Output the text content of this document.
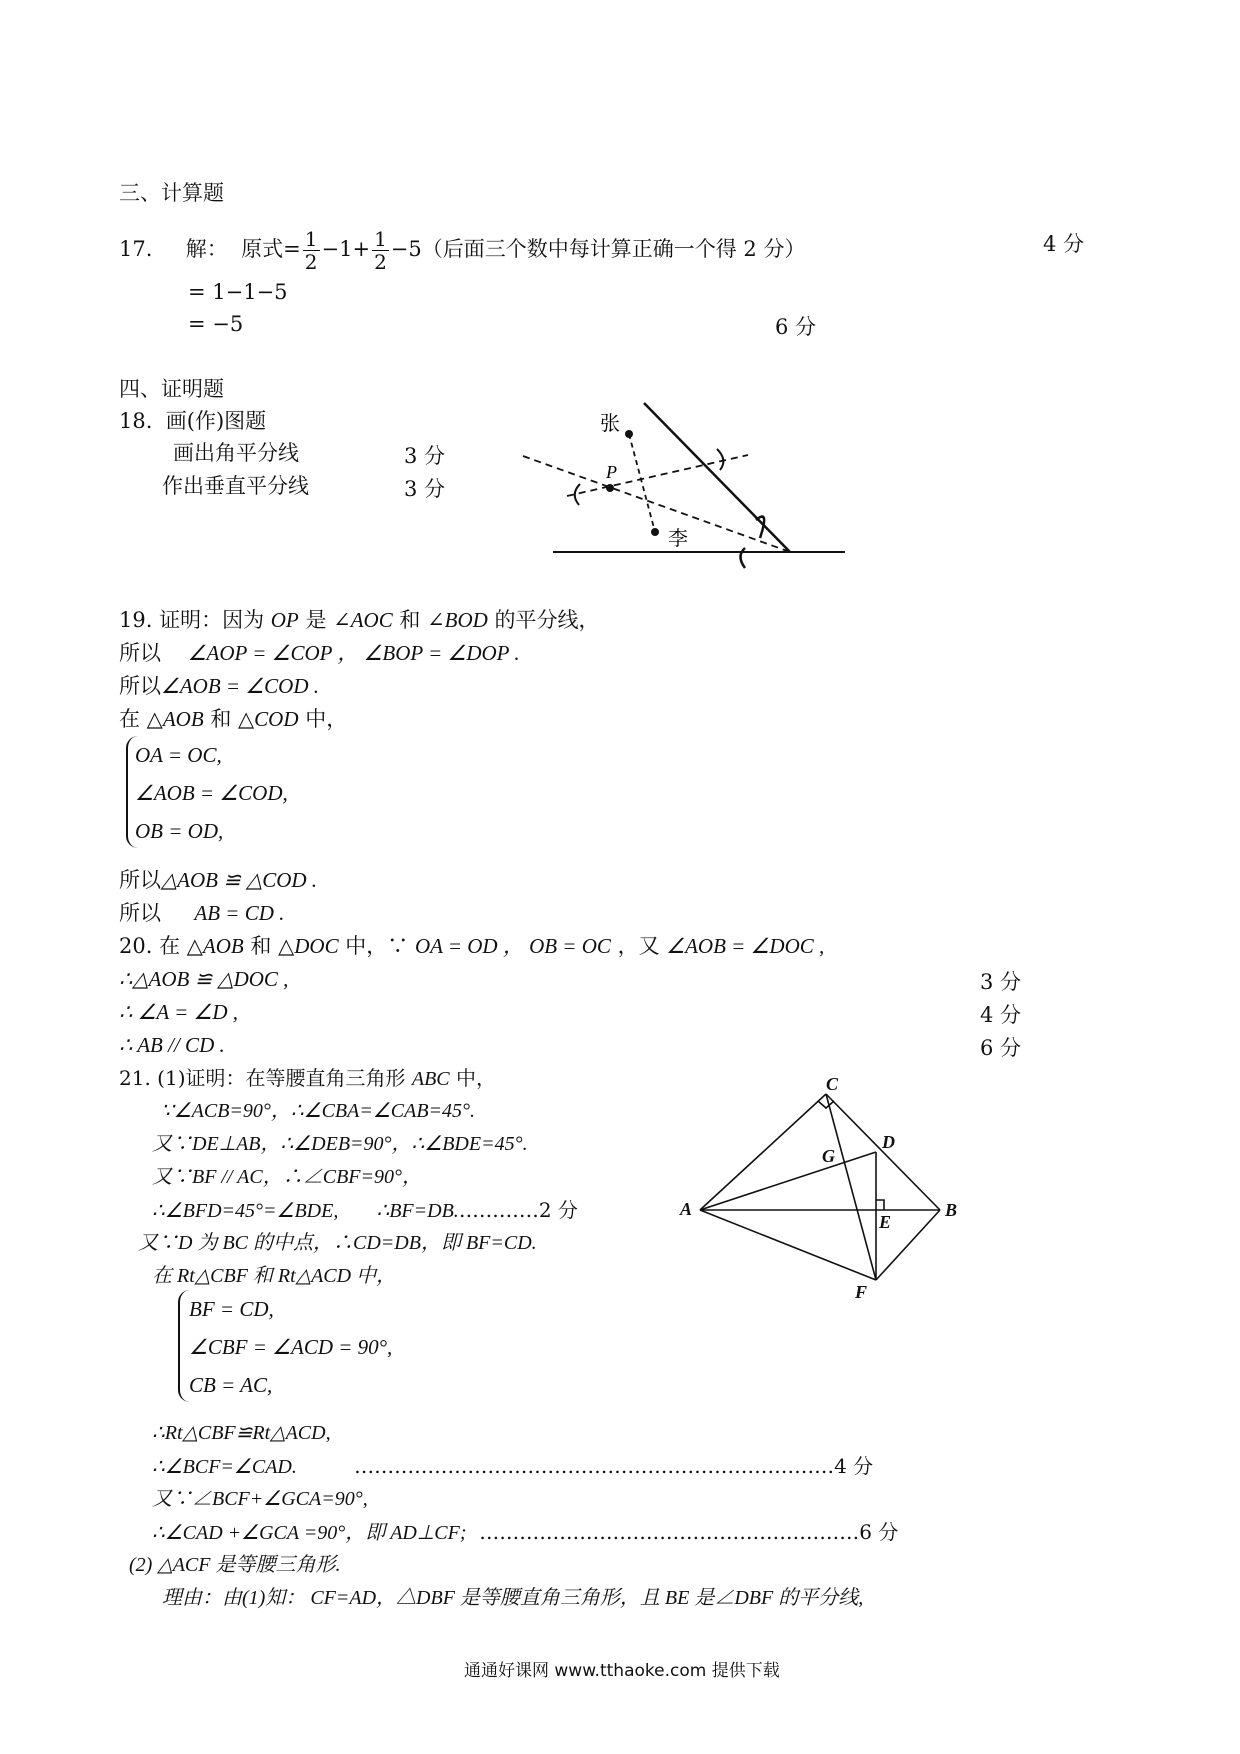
三、计算题
17. 解： 原式= $\frac{1}{2} -1+ \frac{1}{2} -5$（后面三个数中每计算正确一个得 2 分）	4 分
= 1−1−5
= −5	6 分
四、证明题
18. 画(作)图题
画出角平分线	3 分
作出垂直平分线	3 分
张
P
李
19. 证明：因为 OP 是 ∠AOC 和 ∠BOD 的平分线，
所以 ∠AOP = ∠COP ， ∠BOP = ∠DOP .
所以∠AOB = ∠COD .
在 △AOB 和 △COD 中，
OA = OC,
∠AOB = ∠COD,
OB = OD,
所以△AOB ≌ △COD .
所以 AB = CD .
20. 在 △AOB 和 △DOC 中，∵ OA = OD ， OB = OC ，又 ∠AOB = ∠DOC ,
∴△AOB ≌ △DOC ,	3 分
∴ ∠A = ∠D ,	4 分
∴ AB // CD .	6 分
21. (1)证明：在等腰直角三角形 ABC 中，
∵∠ACB=90°，∴∠CBA=∠CAB=45°.
又∵DE⊥AB，∴∠DEB=90°，∴∠BDE=45°.
又∵BF // AC，∴∠CBF=90°，
∴∠BFD=45°=∠BDE, ∴BF=DB.…………2 分
又∵D 为 BC 的中点，∴CD=DB，即 BF=CD.
在 Rt△CBF 和 Rt△ACD 中，
BF = CD,
∠CBF = ∠ACD = 90°,
CB = AC,
∴Rt△CBF≌Rt△ACD,
∴∠BCF=∠CAD.	………………………………………………………………4 分
又∵∠BCF+∠GCA=90°,
∴∠CAD +∠GCA =90°，即 AD⊥CF; …………………………………………………6 分
(2) △ACF 是等腰三角形.
理由：由(1)知： CF=AD，△DBF 是等腰直角三角形，且 BE 是∠DBF 的平分线,
A	B
C
D
E
F
G
通通好课网 www.tthaoke.com 提供下载
